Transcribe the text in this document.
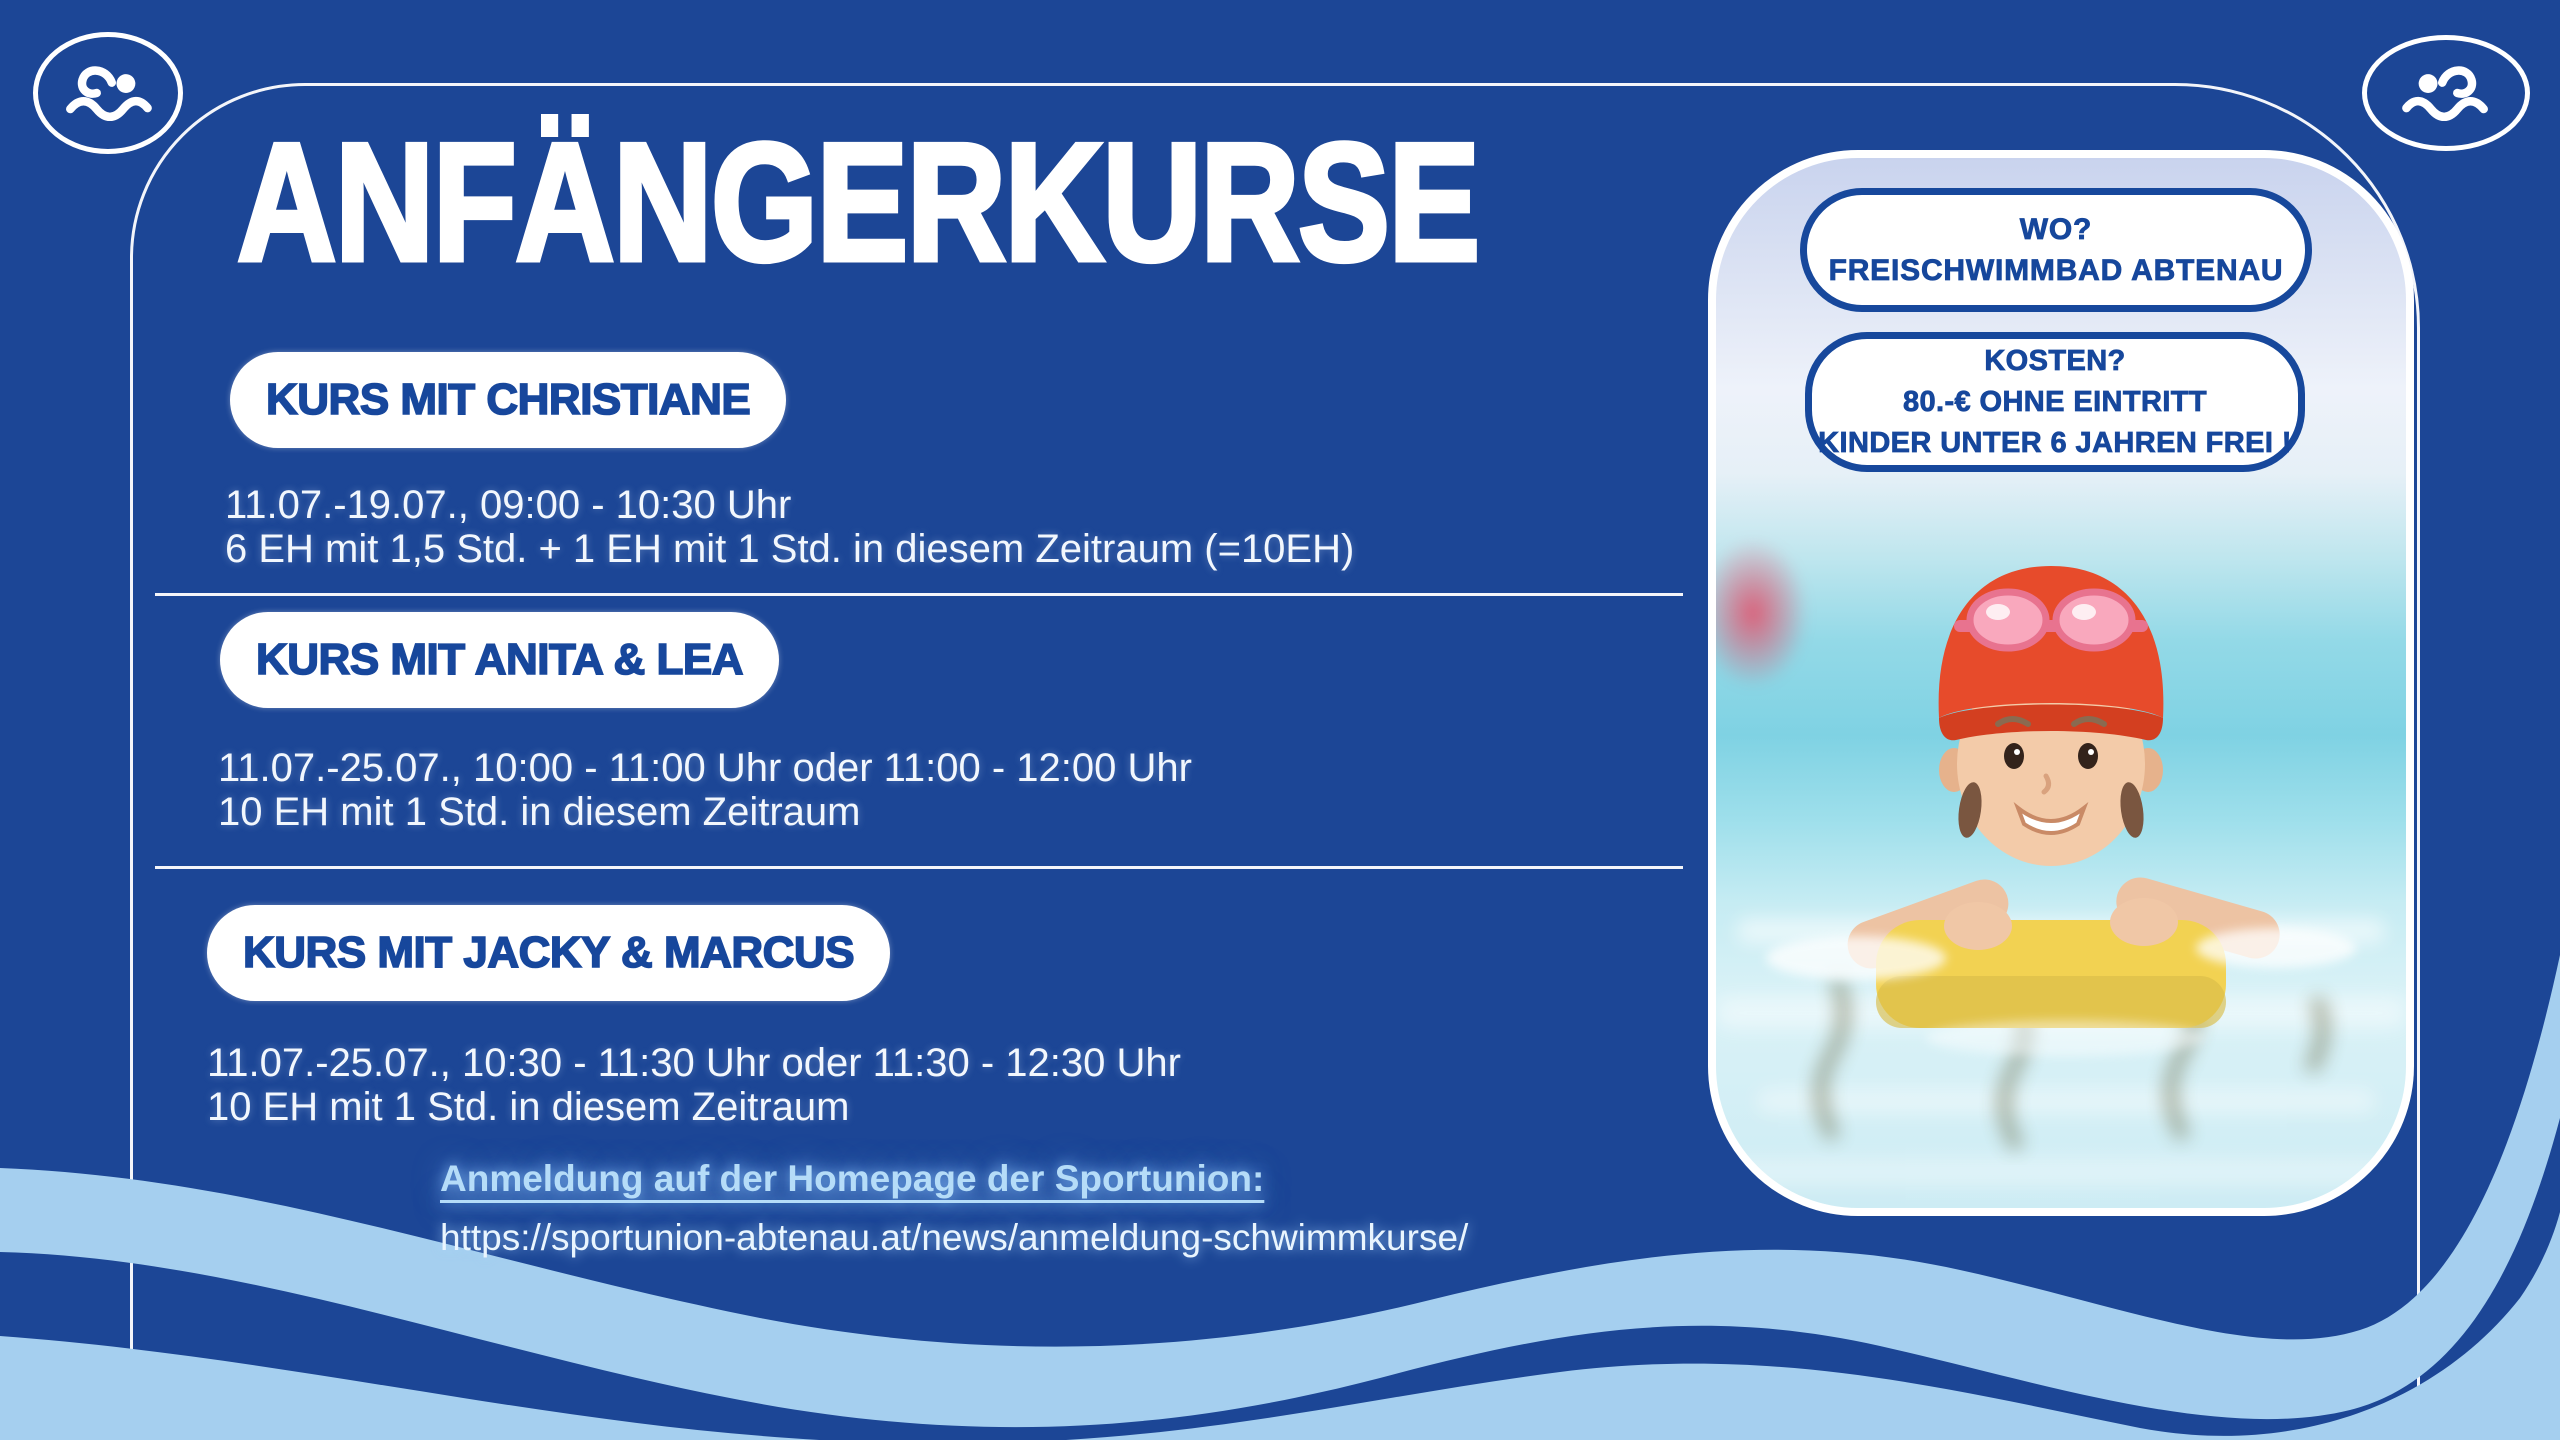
ANFÄNGERKURSE
KURS MIT CHRISTIANE
11.07.-19.07., 09:00 - 10:30 Uhr
6 EH mit 1,5 Std. + 1 EH mit 1 Std. in diesem Zeitraum (=10EH)
KURS MIT ANITA & LEA
11.07.-25.07., 10:00 - 11:00 Uhr oder 11:00 - 12:00 Uhr
10 EH mit 1 Std. in diesem Zeitraum
KURS MIT JACKY & MARCUS
11.07.-25.07., 10:30 - 11:30 Uhr oder 11:30 - 12:30 Uhr
10 EH mit 1 Std. in diesem Zeitraum
Anmeldung auf der Homepage der Sportunion:
https://sportunion-abtenau.at/news/anmeldung-schwimmkurse/
WO?
FREISCHWIMMBAD ABTENAU
KOSTEN?
80.-€ OHNE EINTRITT
KINDER UNTER 6 JAHREN FREI !
